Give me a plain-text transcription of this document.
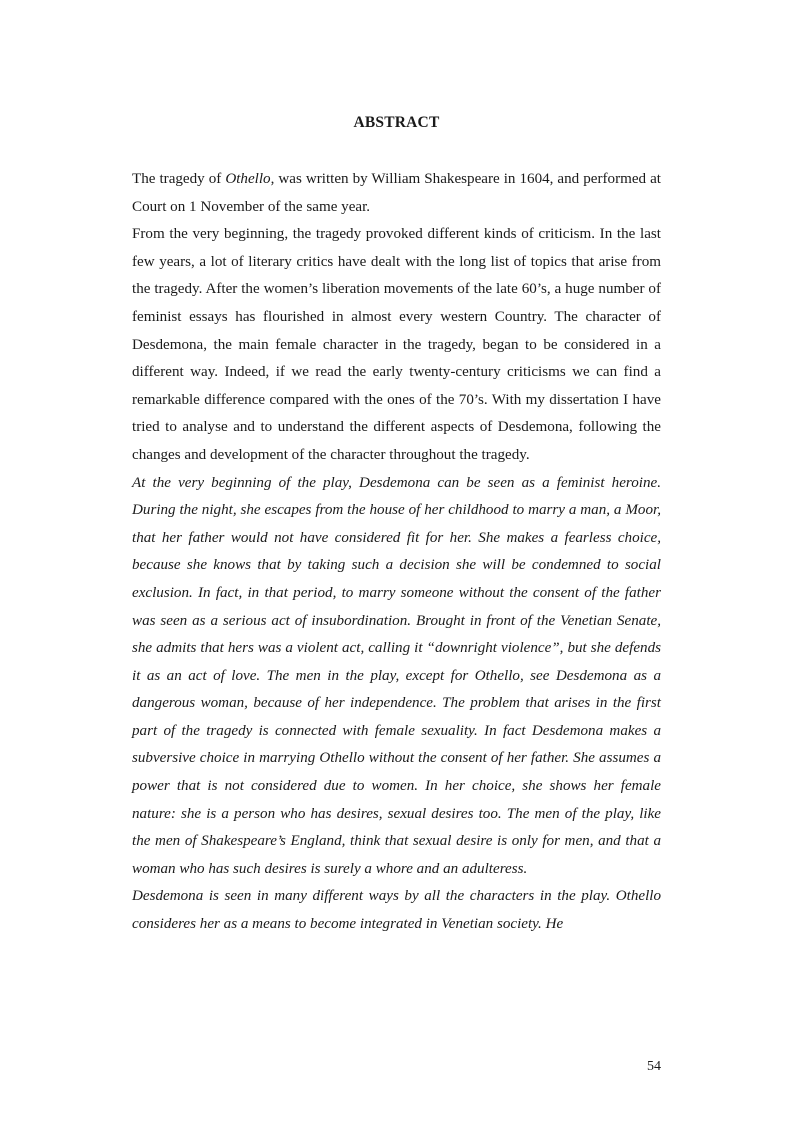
ABSTRACT

The tragedy of Othello, was written by William Shakespeare in 1604, and performed at Court on 1 November of the same year.

From the very beginning, the tragedy provoked different kinds of criticism. In the last few years, a lot of literary critics have dealt with the long list of topics that arise from the tragedy. After the women’s liberation movements of the late 60’s, a huge number of feminist essays has flourished in almost every western Country. The character of Desdemona, the main female character in the tragedy, began to be considered in a different way. Indeed, if we read the early twenty-century criticisms we can find a remarkable difference compared with the ones of the 70’s. With my dissertation I have tried to analyse and to understand the different aspects of Desdemona, following the changes and development of the character throughout the tragedy.

At the very beginning of the play, Desdemona can be seen as a feminist heroine. During the night, she escapes from the house of her childhood to marry a man, a Moor, that her father would not have considered fit for her. She makes a fearless choice, because she knows that by taking such a decision she will be condemned to social exclusion. In fact, in that period, to marry someone without the consent of the father was seen as a serious act of insubordination. Brought in front of the Venetian Senate, she admits that hers was a violent act, calling it “downright violence”, but she defends it as an act of love. The men in the play, except for Othello, see Desdemona as a dangerous woman, because of her independence. The problem that arises in the first part of the tragedy is connected with female sexuality. In fact Desdemona makes a subversive choice in marrying Othello without the consent of her father. She assumes a power that is not considered due to women. In her choice, she shows her female nature: she is a person who has desires, sexual desires too. The men of the play, like the men of Shakespeare’s England, think that sexual desire is only for men, and that a woman who has such desires is surely a whore and an adulteress.

Desdemona is seen in many different ways by all the characters in the play. Othello consideres her as a means to become integrated in Venetian society. He

54
